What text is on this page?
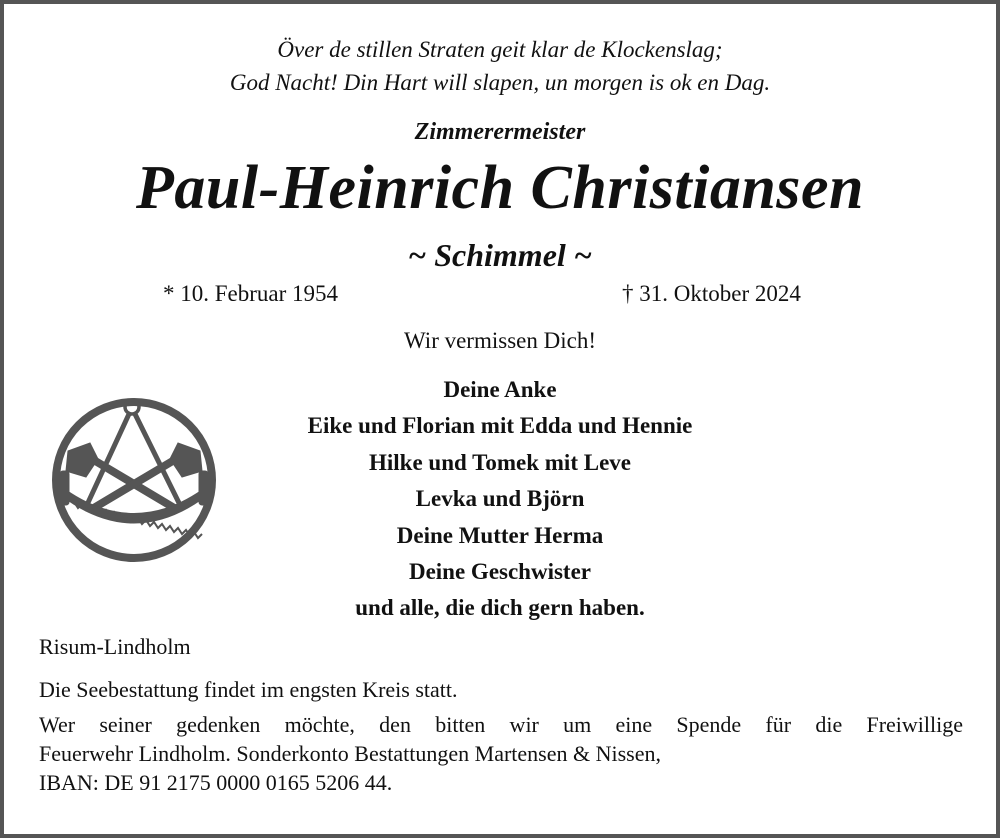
Över de stillen Straten geit klar de Klockenslag;
God Nacht! Din Hart will slapen, un morgen is ok en Dag.
Zimmerermeister
Paul-Heinrich Christiansen
~ Schimmel ~
* 10. Februar 1954	† 31. Oktober 2024
Wir vermissen Dich!
Deine Anke
Eike und Florian mit Edda und Hennie
Hilke und Tomek mit Leve
Levka und Björn
Deine Mutter Herma
Deine Geschwister
und alle, die dich gern haben.
Risum-Lindholm
Die Seebestattung findet im engsten Kreis statt.
Wer seiner gedenken möchte, den bitten wir um eine Spende für die Freiwillige
Feuerwehr Lindholm. Sonderkonto Bestattungen Martensen & Nissen,
IBAN: DE 91 2175 0000 0165 5206 44.
